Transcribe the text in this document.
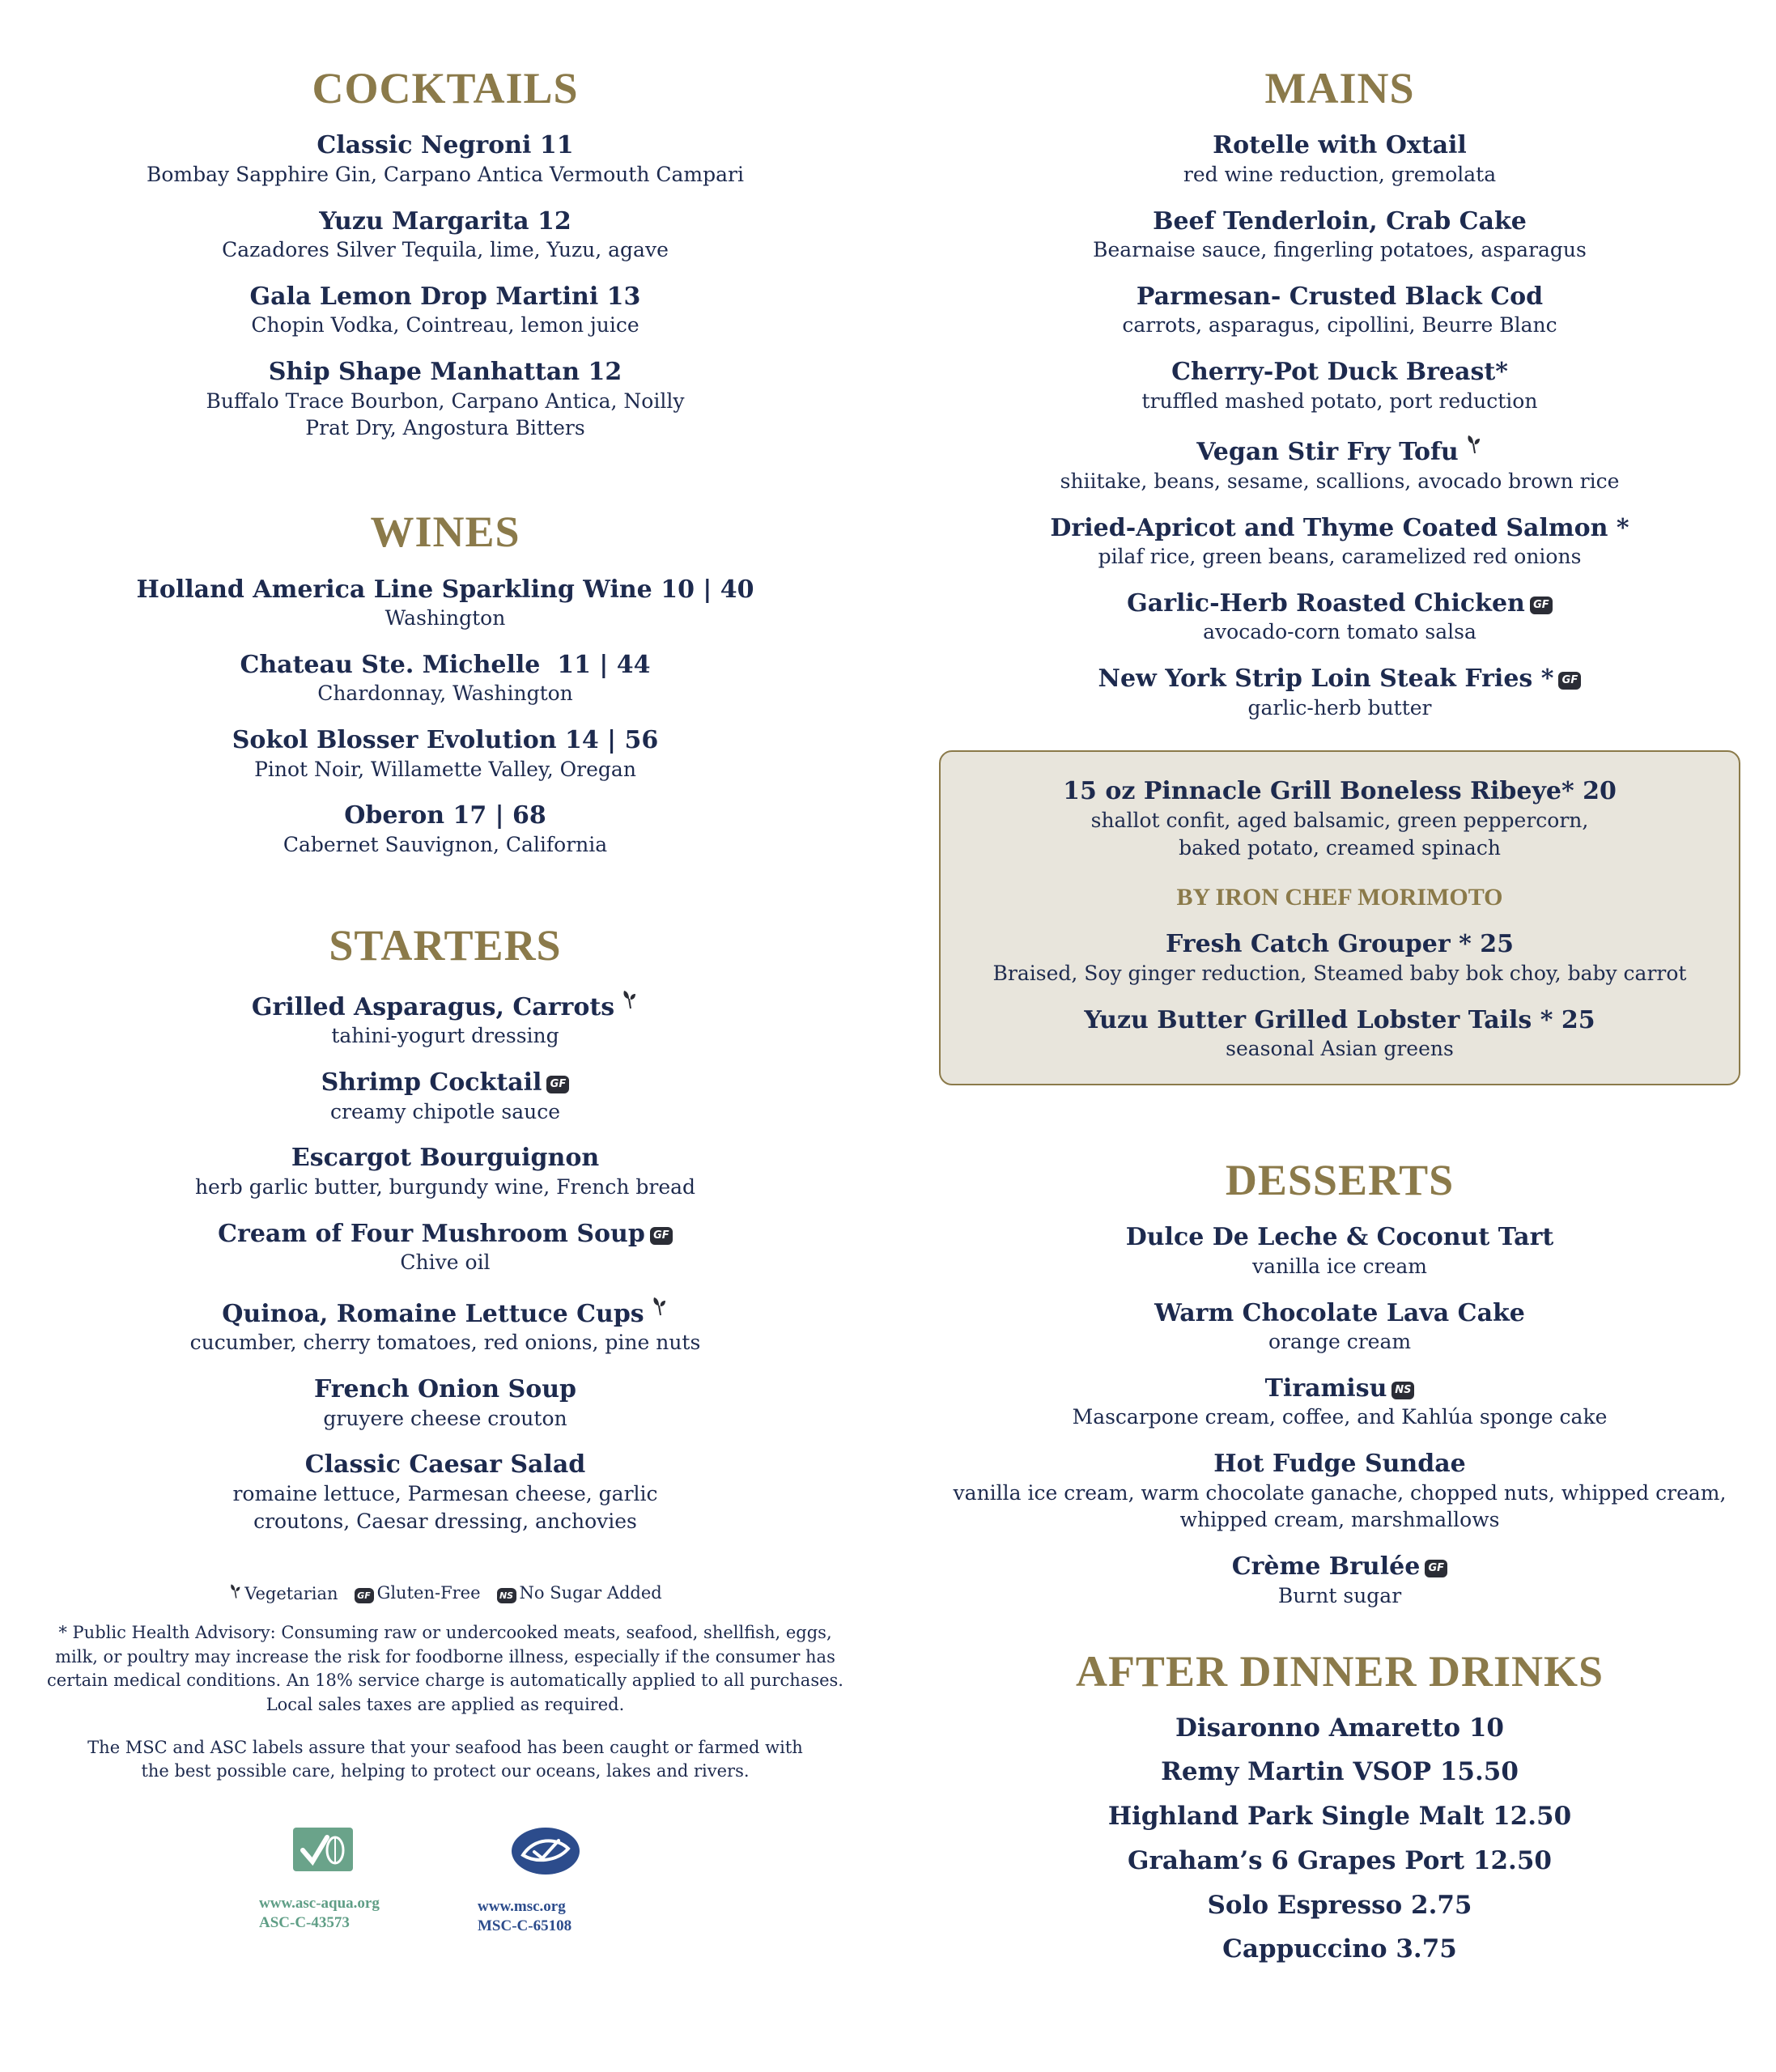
COCKTAILS
Classic Negroni 11
Bombay Sapphire Gin, Carpano Antica Vermouth Campari
Yuzu Margarita 12
Cazadores Silver Tequila, lime, Yuzu, agave
Gala Lemon Drop Martini 13
Chopin Vodka, Cointreau, lemon juice
Ship Shape Manhattan 12
Buffalo Trace Bourbon, Carpano Antica, Noilly Prat Dry, Angostura Bitters
WINES
Holland America Line Sparkling Wine 10 | 40
Washington
Chateau Ste. Michelle  11 | 44
Chardonnay, Washington
Sokol Blosser Evolution 14 | 56
Pinot Noir, Willamette Valley, Oregan
Oberon 17 | 68
Cabernet Sauvignon, California
STARTERS
Grilled Asparagus, Carrots
tahini-yogurt dressing
Shrimp Cocktail GF
creamy chipotle sauce
Escargot Bourguignon
herb garlic butter, burgundy wine, French bread
Cream of Four Mushroom Soup GF
Chive oil
Quinoa, Romaine Lettuce Cups
cucumber, cherry tomatoes, red onions, pine nuts
French Onion Soup
gruyere cheese crouton
Classic Caesar Salad
romaine lettuce, Parmesan cheese, garlic croutons, Caesar dressing, anchovies
Vegetarian	GF Gluten-Free	NS No Sugar Added
* Public Health Advisory: Consuming raw or undercooked meats, seafood, shellfish, eggs, milk, or poultry may increase the risk for foodborne illness, especially if the consumer has certain medical conditions. An 18% service charge is automatically applied to all purchases. Local sales taxes are applied as required.
The MSC and ASC labels assure that your seafood has been caught or farmed with the best possible care, helping to protect our oceans, lakes and rivers.
www.asc-aqua.org
ASC-C-43573
www.msc.org
MSC-C-65108
MAINS
Rotelle with Oxtail
red wine reduction, gremolata
Beef Tenderloin, Crab Cake
Bearnaise sauce, fingerling potatoes, asparagus
Parmesan- Crusted Black Cod
carrots, asparagus, cipollini, Beurre Blanc
Cherry-Pot Duck Breast*
truffled mashed potato, port reduction
Vegan Stir Fry Tofu
shiitake, beans, sesame, scallions, avocado brown rice
Dried-Apricot and Thyme Coated Salmon *
pilaf rice, green beans, caramelized red onions
Garlic-Herb Roasted Chicken GF
avocado-corn tomato salsa
New York Strip Loin Steak Fries * GF
garlic-herb butter
15 oz Pinnacle Grill Boneless Ribeye* 20
shallot confit, aged balsamic, green peppercorn, baked potato, creamed spinach
BY IRON CHEF MORIMOTO
Fresh Catch Grouper * 25
Braised, Soy ginger reduction, Steamed baby bok choy, baby carrot
Yuzu Butter Grilled Lobster Tails * 25
seasonal Asian greens
DESSERTS
Dulce De Leche & Coconut Tart
vanilla ice cream
Warm Chocolate Lava Cake
orange cream
Tiramisu NS
Mascarpone cream, coffee, and Kahlúa sponge cake
Hot Fudge Sundae
vanilla ice cream, warm chocolate ganache, chopped nuts, whipped cream, whipped cream, marshmallows
Crème Brulée GF
Burnt sugar
AFTER DINNER DRINKS
Disaronno Amaretto 10
Remy Martin VSOP 15.50
Highland Park Single Malt 12.50
Graham’s 6 Grapes Port 12.50
Solo Espresso 2.75
Cappuccino 3.75
